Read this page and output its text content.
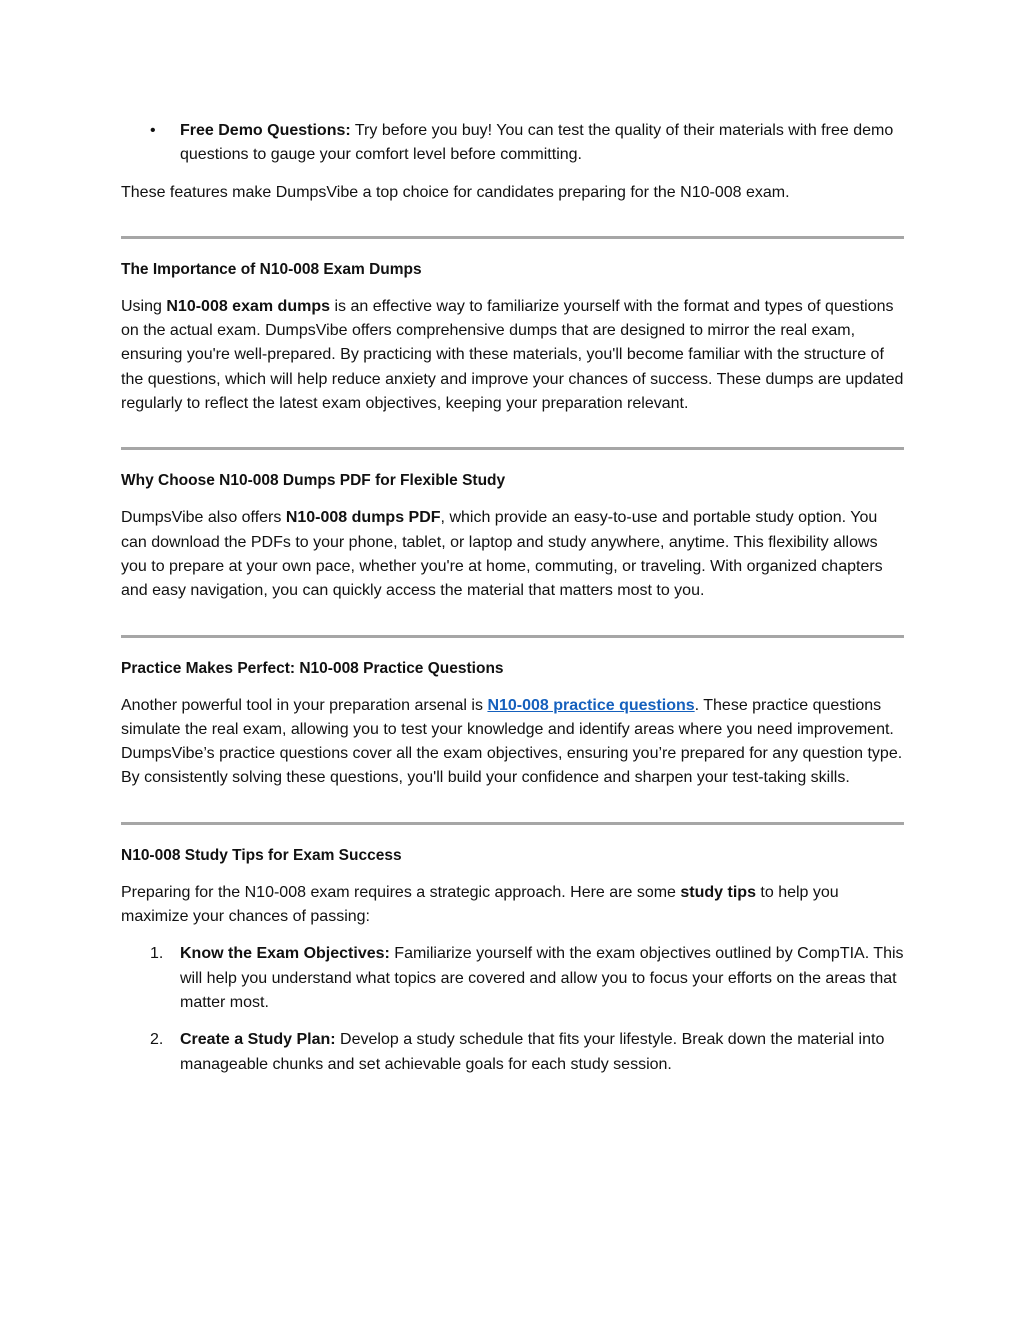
• Free Demo Questions: Try before you buy! You can test the quality of their materials with free demo questions to gauge your comfort level before committing.

These features make DumpsVibe a top choice for candidates preparing for the N10-008 exam.

The Importance of N10-008 Exam Dumps

Using N10-008 exam dumps is an effective way to familiarize yourself with the format and types of questions on the actual exam. DumpsVibe offers comprehensive dumps that are designed to mirror the real exam, ensuring you're well-prepared. By practicing with these materials, you'll become familiar with the structure of the questions, which will help reduce anxiety and improve your chances of success. These dumps are updated regularly to reflect the latest exam objectives, keeping your preparation relevant.

Why Choose N10-008 Dumps PDF for Flexible Study

DumpsVibe also offers N10-008 dumps PDF, which provide an easy-to-use and portable study option. You can download the PDFs to your phone, tablet, or laptop and study anywhere, anytime. This flexibility allows you to prepare at your own pace, whether you're at home, commuting, or traveling. With organized chapters and easy navigation, you can quickly access the material that matters most to you.

Practice Makes Perfect: N10-008 Practice Questions

Another powerful tool in your preparation arsenal is N10-008 practice questions. These practice questions simulate the real exam, allowing you to test your knowledge and identify areas where you need improvement. DumpsVibe’s practice questions cover all the exam objectives, ensuring you’re prepared for any question type. By consistently solving these questions, you'll build your confidence and sharpen your test-taking skills.

N10-008 Study Tips for Exam Success

Preparing for the N10-008 exam requires a strategic approach. Here are some study tips to help you maximize your chances of passing:

1. Know the Exam Objectives: Familiarize yourself with the exam objectives outlined by CompTIA. This will help you understand what topics are covered and allow you to focus your efforts on the areas that matter most.
2. Create a Study Plan: Develop a study schedule that fits your lifestyle. Break down the material into manageable chunks and set achievable goals for each study session.
